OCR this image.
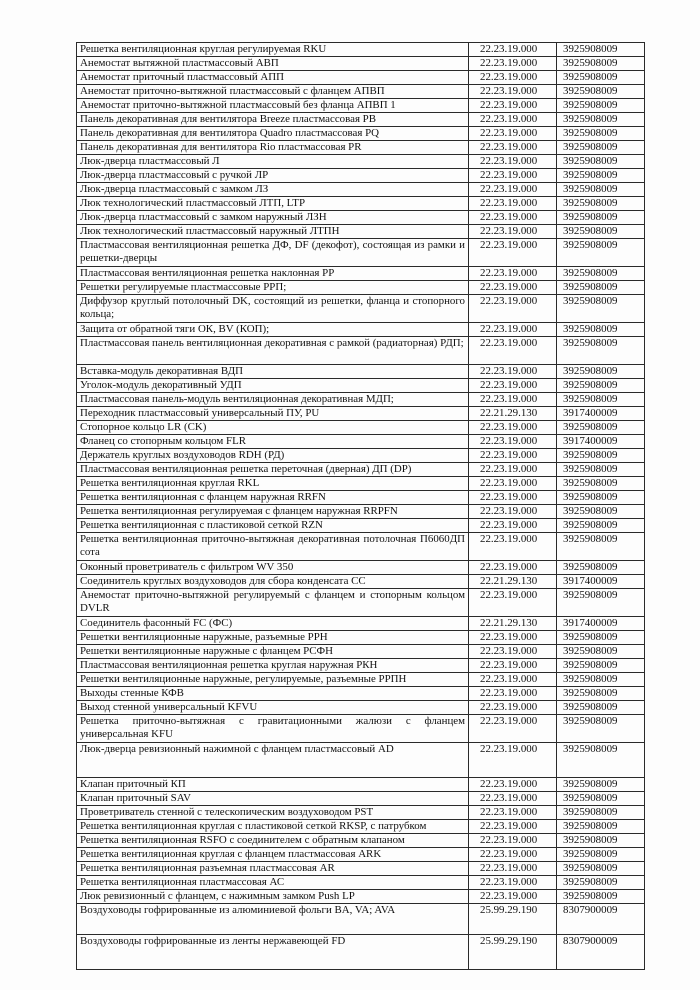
Решетка вентиляционная круглая регулируемая RKU	22.23.19.000	3925908009
Анемостат вытяжной пластмассовый АВП	22.23.19.000	3925908009
Анемостат приточный пластмассовый АПП	22.23.19.000	3925908009
Анемостат приточно-вытяжной пластмассовый с фланцем АПВП	22.23.19.000	3925908009
Анемостат приточно-вытяжной пластмассовый без фланца АПВП 1	22.23.19.000	3925908009
Панель декоративная для вентилятора Breeze пластмассовая PB	22.23.19.000	3925908009
Панель декоративная для вентилятора Quadro пластмассовая PQ	22.23.19.000	3925908009
Панель декоративная для вентилятора Rio пластмассовая PR	22.23.19.000	3925908009
Люк-дверца пластмассовый Л	22.23.19.000	3925908009
Люк-дверца пластмассовый с ручкой ЛР	22.23.19.000	3925908009
Люк-дверца пластмассовый с замком ЛЗ	22.23.19.000	3925908009
Люк технологический пластмассовый ЛТП, LTP	22.23.19.000	3925908009
Люк-дверца пластмассовый с замком наружный ЛЗН	22.23.19.000	3925908009
Люк технологический пластмассовый наружный ЛТПН	22.23.19.000	3925908009
Пластмассовая вентиляционная решетка ДФ, DF (декофот), состоящая из рамки и решетки-дверцы	22.23.19.000	3925908009
Пластмассовая вентиляционная решетка наклонная РР	22.23.19.000	3925908009
Решетки регулируемые пластмассовые РРП;	22.23.19.000	3925908009
Диффузор круглый потолочный DK, состоящий из решетки, фланца и стопорного кольца;	22.23.19.000	3925908009
Защита от обратной тяги ОК, BV (КОП);	22.23.19.000	3925908009
Пластмассовая панель вентиляционная декоративная с рамкой (радиаторная) РДП;	22.23.19.000	3925908009
Вставка-модуль декоративная ВДП	22.23.19.000	3925908009
Уголок-модуль декоративный УДП	22.23.19.000	3925908009
Пластмассовая панель-модуль вентиляционная декоративная МДП;	22.23.19.000	3925908009
Переходник пластмассовый универсальный ПУ, PU	22.21.29.130	3917400009
Стопорное кольцо LR (CK)	22.23.19.000	3925908009
Фланец со стопорным кольцом FLR	22.23.19.000	3917400009
Держатель круглых воздуховодов RDH (РД)	22.23.19.000	3925908009
Пластмассовая вентиляционная решетка переточная (дверная) ДП (DP)	22.23.19.000	3925908009
Решетка вентиляционная круглая RKL	22.23.19.000	3925908009
Решетка вентиляционная с фланцем наружная RRFN	22.23.19.000	3925908009
Решетка вентиляционная регулируемая с фланцем наружная RRPFN	22.23.19.000	3925908009
Решетка вентиляционная с пластиковой сеткой RZN	22.23.19.000	3925908009
Решетка вентиляционная приточно-вытяжная декоративная потолочная П6060ДП сота	22.23.19.000	3925908009
Оконный проветриватель с фильтром WV 350	22.23.19.000	3925908009
Соединитель круглых воздуховодов для сбора конденсата СС	22.21.29.130	3917400009
Анемостат приточно-вытяжной регулируемый с фланцем и стопорным кольцом DVLR	22.23.19.000	3925908009
Соединитель фасонный FC (ФС)	22.21.29.130	3917400009
Решетки вентиляционные наружные, разъемные PPH	22.23.19.000	3925908009
Решетки вентиляционные наружные с фланцем PCФH	22.23.19.000	3925908009
Пластмассовая вентиляционная решетка круглая наружная РКН	22.23.19.000	3925908009
Решетки вентиляционные наружные, регулируемые, разъемные РРПН	22.23.19.000	3925908009
Выходы стенные КФВ	22.23.19.000	3925908009
Выход стенной универсальный KFVU	22.23.19.000	3925908009
Решетка приточно-вытяжная с гравитационными жалюзи с фланцем универсальная KFU	22.23.19.000	3925908009
Люк-дверца ревизионный нажимной с фланцем пластмассовый AD	22.23.19.000	3925908009
Клапан приточный КП	22.23.19.000	3925908009
Клапан приточный SAV	22.23.19.000	3925908009
Проветриватель стенной с телескопическим воздуховодом PST	22.23.19.000	3925908009
Решетка вентиляционная круглая с пластиковой сеткой RKSP, с патрубком	22.23.19.000	3925908009
Решетка вентиляционная RSFO с соединителем с обратным клапаном	22.23.19.000	3925908009
Решетка вентиляционная круглая с фланцем пластмассовая ARK	22.23.19.000	3925908009
Решетка вентиляционная разъемная пластмассовая AR	22.23.19.000	3925908009
Решетка вентиляционная пластмассовая АС	22.23.19.000	3925908009
Люк ревизионный с фланцем, с нажимным замком Push LP	22.23.19.000	3925908009
Воздуховоды гофрированные из алюминиевой фольги BA, VA; AVA	25.99.29.190	8307900009
Воздуховоды гофрированные из ленты нержавеющей FD	25.99.29.190	8307900009
